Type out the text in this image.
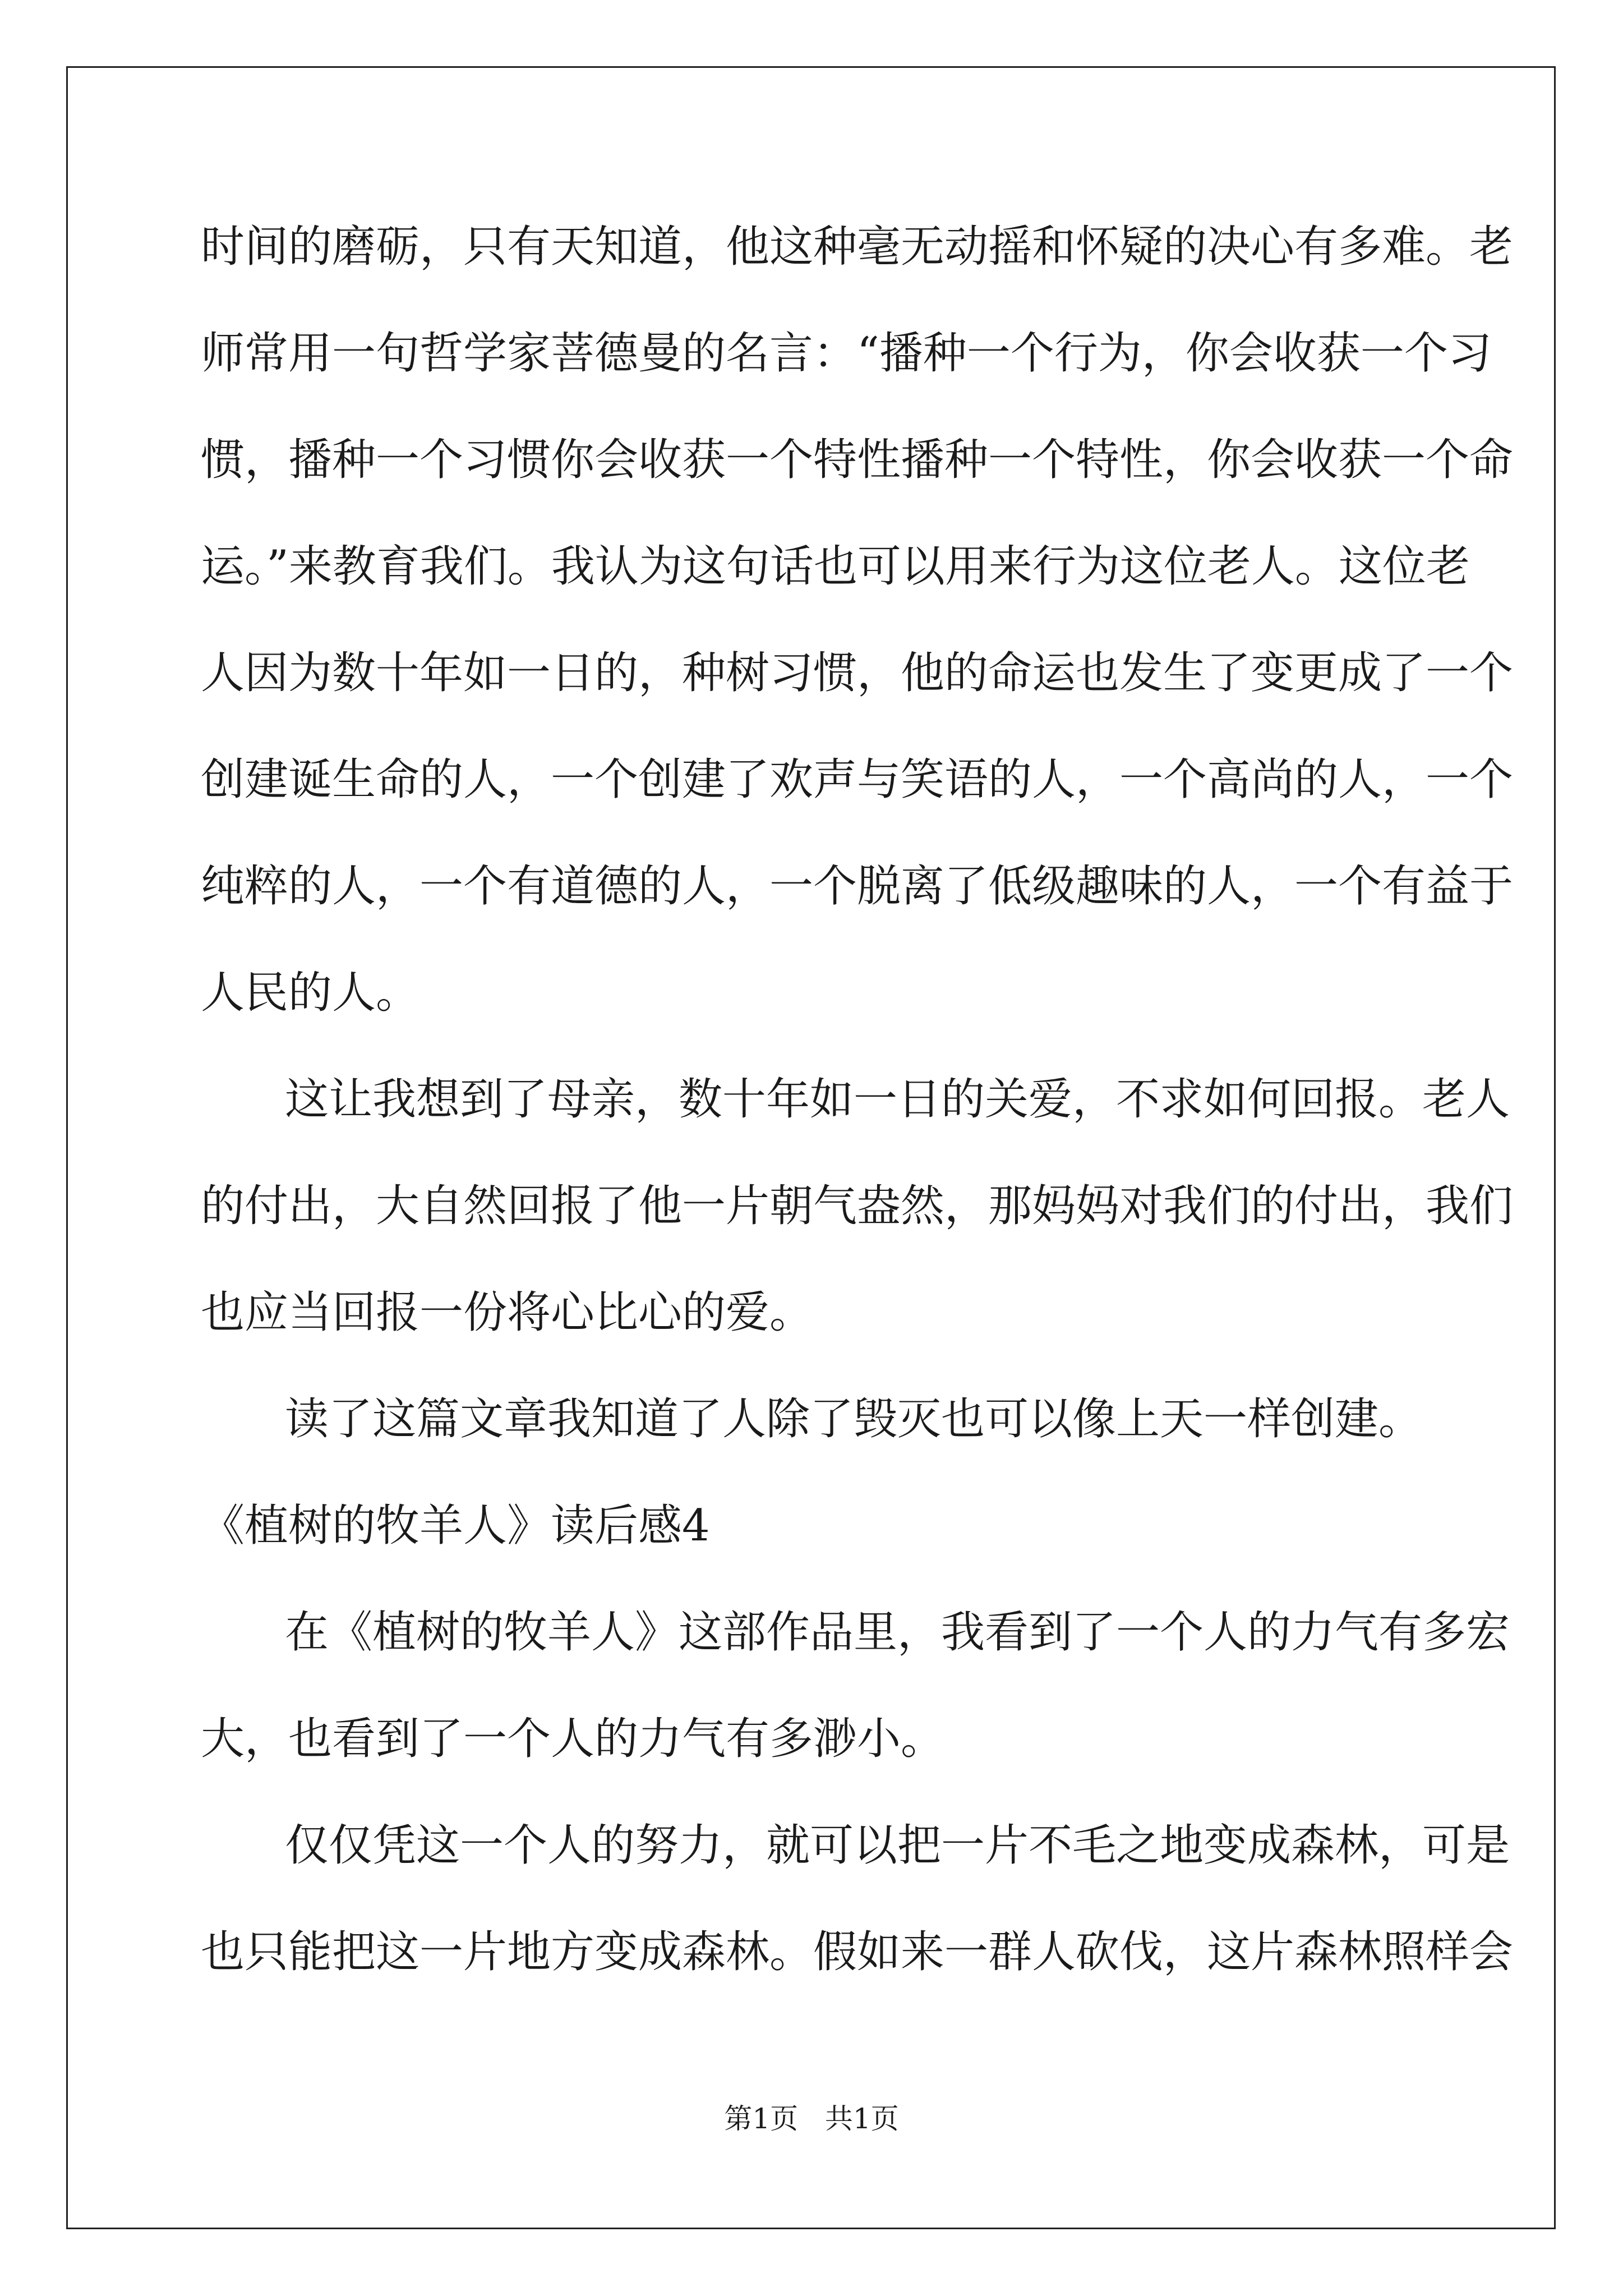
时间的磨砺，只有天知道，他这种毫无动摇和怀疑的决心有多难。老
师常用一句哲学家菩德曼的名言：“播种一个行为，你会收获一个习
惯，播种一个习惯你会收获一个特性播种一个特性，你会收获一个命
运。”来教育我们。我认为这句话也可以用来行为这位老人。这位老
人因为数十年如一日的，种树习惯，他的命运也发生了变更成了一个
创建诞生命的人，一个创建了欢声与笑语的人，一个高尚的人，一个
纯粹的人，一个有道德的人，一个脱离了低级趣味的人，一个有益于
人民的人。
这让我想到了母亲，数十年如一日的关爱，不求如何回报。老人
的付出，大自然回报了他一片朝气盎然，那妈妈对我们的付出，我们
也应当回报一份将心比心的爱。
读了这篇文章我知道了人除了毁灭也可以像上天一样创建。
《植树的牧羊人》读后感4
在《植树的牧羊人》这部作品里，我看到了一个人的力气有多宏
大，也看到了一个人的力气有多渺小。
仅仅凭这一个人的努力，就可以把一片不毛之地变成森林，可是
也只能把这一片地方变成森林。假如来一群人砍伐，这片森林照样会
第1页   共1页
